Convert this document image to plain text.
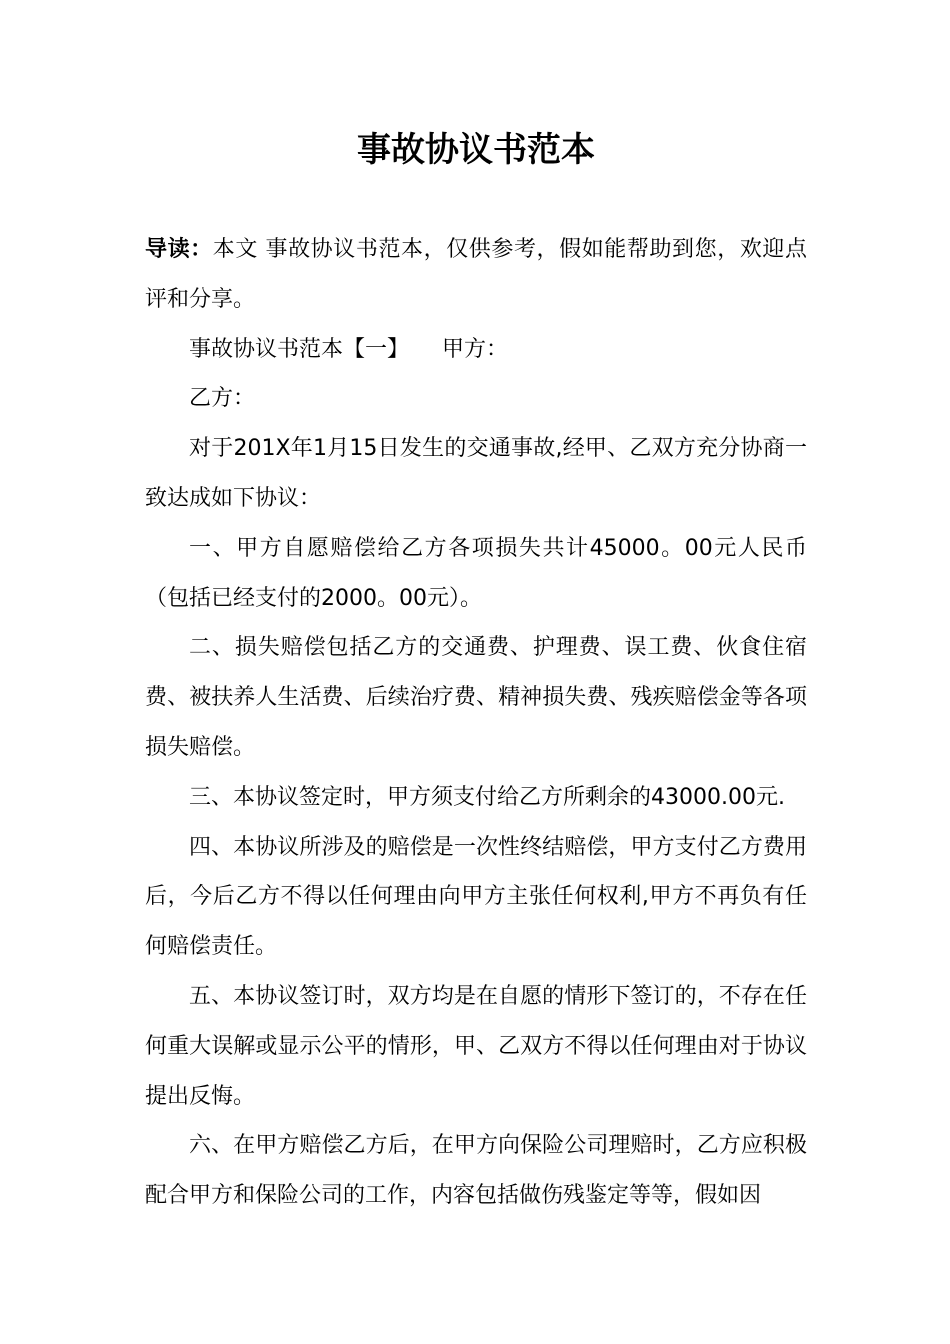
事故协议书范本

导读：本文 事故协议书范本，仅供参考，假如能帮助到您，欢迎点评和分享。

事故协议书范本【一】　　甲方：

乙方：

对于201X年1月15日发生的交通事故,经甲、乙双方充分协商一致达成如下协议：

一、甲方自愿赔偿给乙方各项损失共计45000。00元人民币（包括已经支付的2000。00元）。

二、损失赔偿包括乙方的交通费、护理费、误工费、伙食住宿费、被扶养人生活费、后续治疗费、精神损失费、残疾赔偿金等各项损失赔偿。

三、本协议签定时，甲方须支付给乙方所剩余的43000.00元.

四、本协议所涉及的赔偿是一次性终结赔偿，甲方支付乙方费用后，今后乙方不得以任何理由向甲方主张任何权利,甲方不再负有任何赔偿责任。

五、本协议签订时，双方均是在自愿的情形下签订的，不存在任何重大误解或显示公平的情形，甲、乙双方不得以任何理由对于协议提出反悔。

六、在甲方赔偿乙方后，在甲方向保险公司理赔时，乙方应积极配合甲方和保险公司的工作，内容包括做伤残鉴定等等，假如因
